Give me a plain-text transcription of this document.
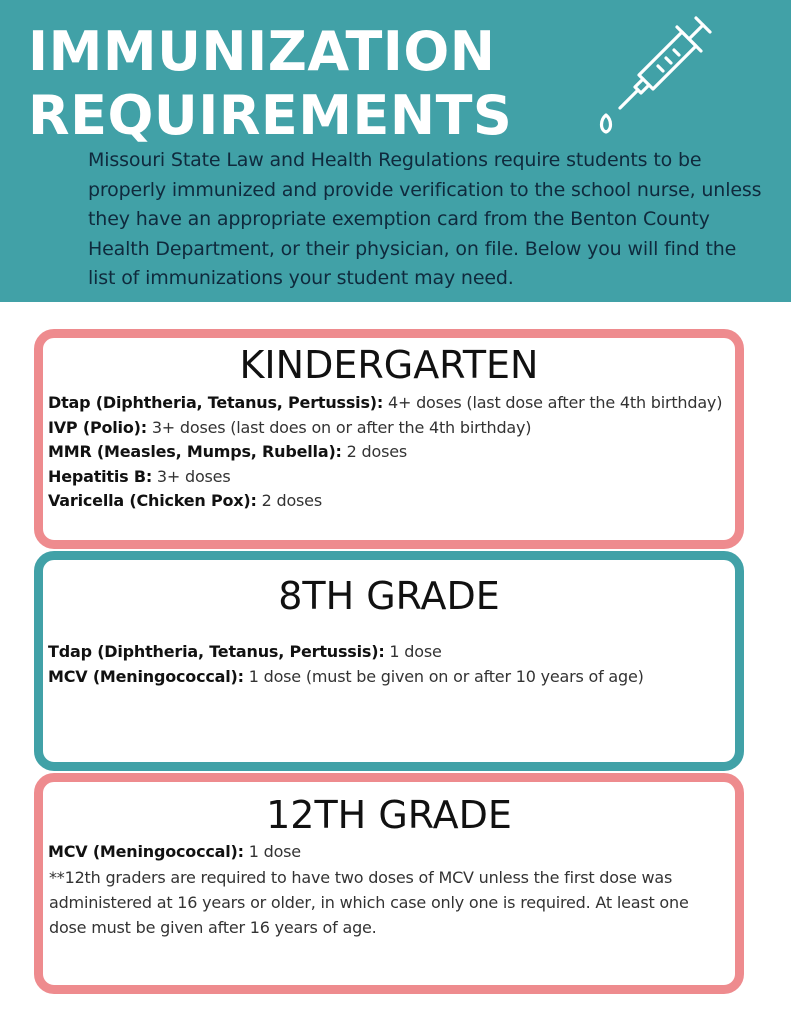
IMMUNIZATION
REQUIREMENTS

Missouri State Law and Health Regulations require students to be properly immunized and provide verification to the school nurse, unless they have an appropriate exemption card from the Benton County Health Department, or their physician, on file. Below you will find the list of immunizations your student may need.

KINDERGARTEN
Dtap (Diphtheria, Tetanus, Pertussis): 4+ doses (last dose after the 4th birthday)
IVP (Polio): 3+ doses (last does on or after the 4th birthday)
MMR (Measles, Mumps, Rubella): 2 doses
Hepatitis B: 3+ doses
Varicella (Chicken Pox): 2 doses
8TH GRADE
Tdap (Diphtheria, Tetanus, Pertussis): 1 dose
MCV (Meningococcal): 1 dose (must be given on or after 10 years of age)
12TH GRADE
MCV (Meningococcal): 1 dose

**12th graders are required to have two doses of MCV unless the first dose was administered at 16 years or older, in which case only one is required. At least one dose must be given after 16 years of age.
